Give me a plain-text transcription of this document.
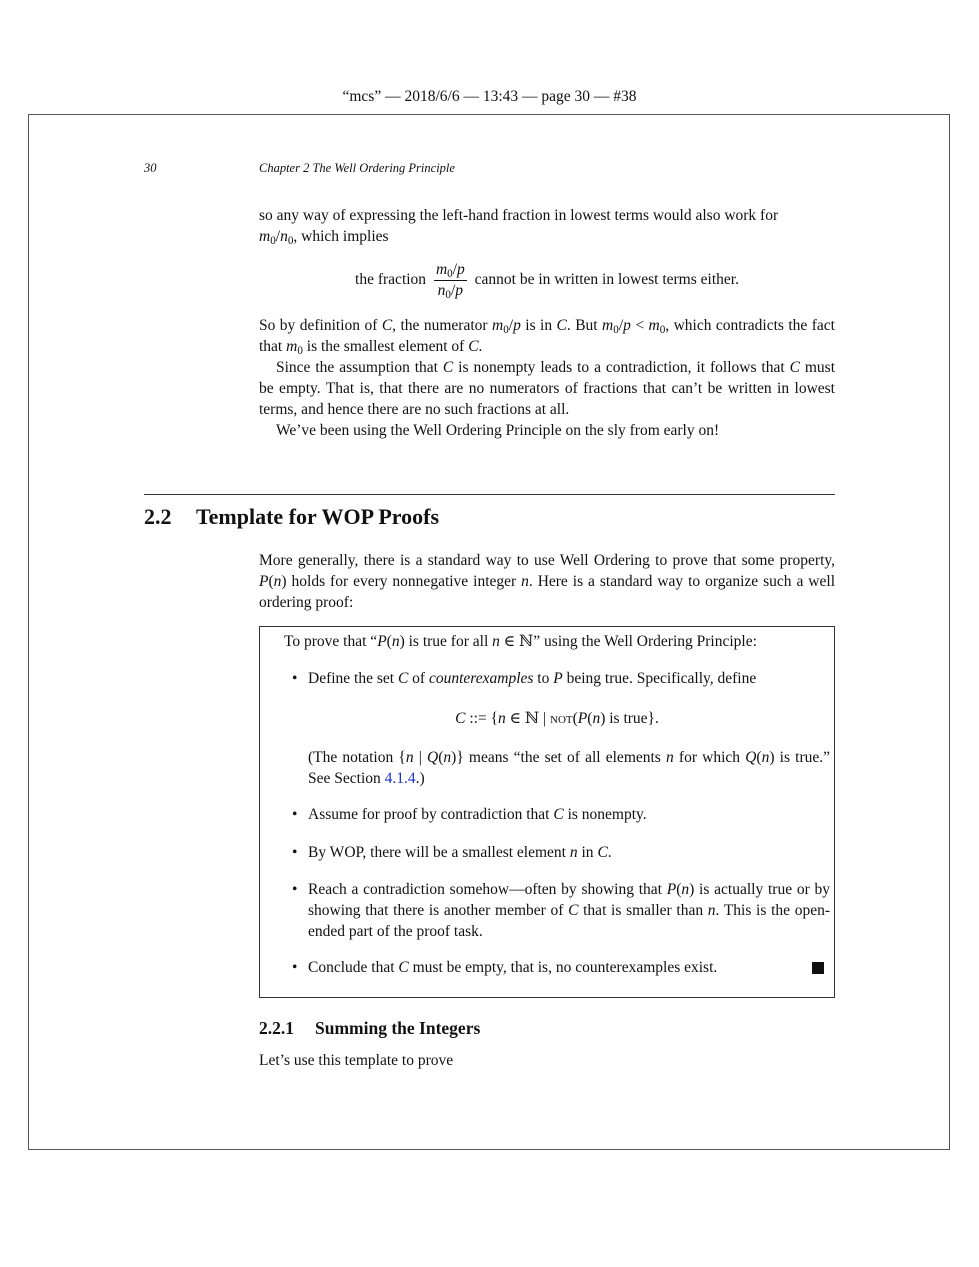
“mcs” — 2018/6/6 — 13:43 — page 30 — #38
30	Chapter 2 The Well Ordering Principle
so any way of expressing the left-hand fraction in lowest terms would also work for
$m_0/n_0$, which implies
the fraction $\frac{m_0/p}{n_0/p}$ cannot be in written in lowest terms either.
So by definition of C, the numerator $m_0/p$ is in C. But $m_0/p < m_0$, which contradicts the fact that $m_0$ is the smallest element of C.
Since the assumption that C is nonempty leads to a contradiction, it follows that C must be empty. That is, that there are no numerators of fractions that can’t be written in lowest terms, and hence there are no such fractions at all.
We’ve been using the Well Ordering Principle on the sly from early on!
2.2 Template for WOP Proofs
More generally, there is a standard way to use Well Ordering to prove that some property, P(n) holds for every nonnegative integer n. Here is a standard way to organize such a well ordering proof:
To prove that “P(n) is true for all n ∈ ℕ” using the Well Ordering Principle:
• Define the set C of counterexamples to P being true. Specifically, define
C ::= {n ∈ ℕ | not(P(n) is true}.
(The notation {n | Q(n)} means “the set of all elements n for which Q(n) is true.” See Section 4.1.4.)
• Assume for proof by contradiction that C is nonempty.
• By WOP, there will be a smallest element n in C.
• Reach a contradiction somehow—often by showing that P(n) is actually true or by showing that there is another member of C that is smaller than n. This is the open-ended part of the proof task.
• Conclude that C must be empty, that is, no counterexamples exist.
2.2.1 Summing the Integers
Let’s use this template to prove
